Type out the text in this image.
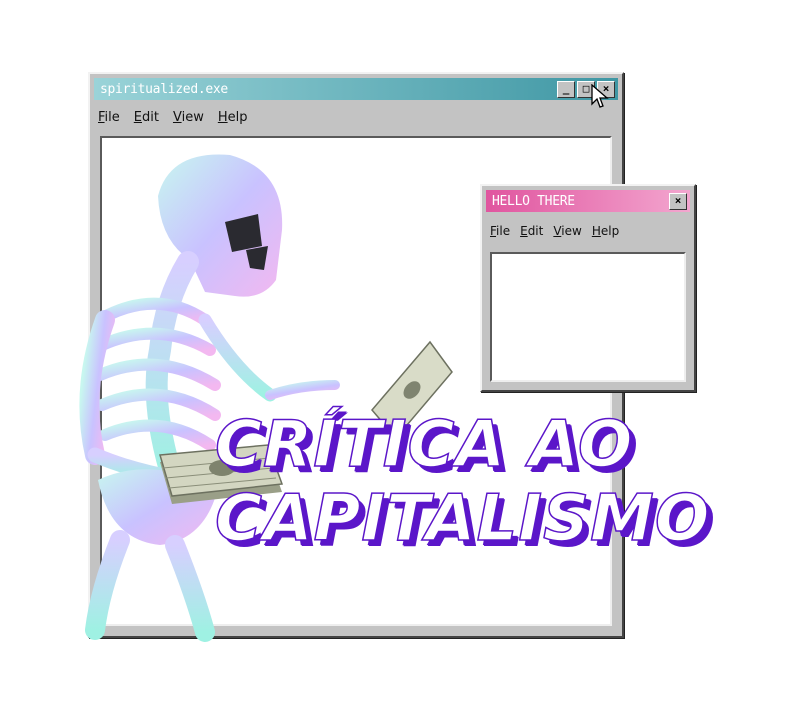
spiritualized.exe	_	□	×
File Edit View Help
HELLO THERE	×
File Edit View Help
CRÍTICA AO
CAPITALISMO
